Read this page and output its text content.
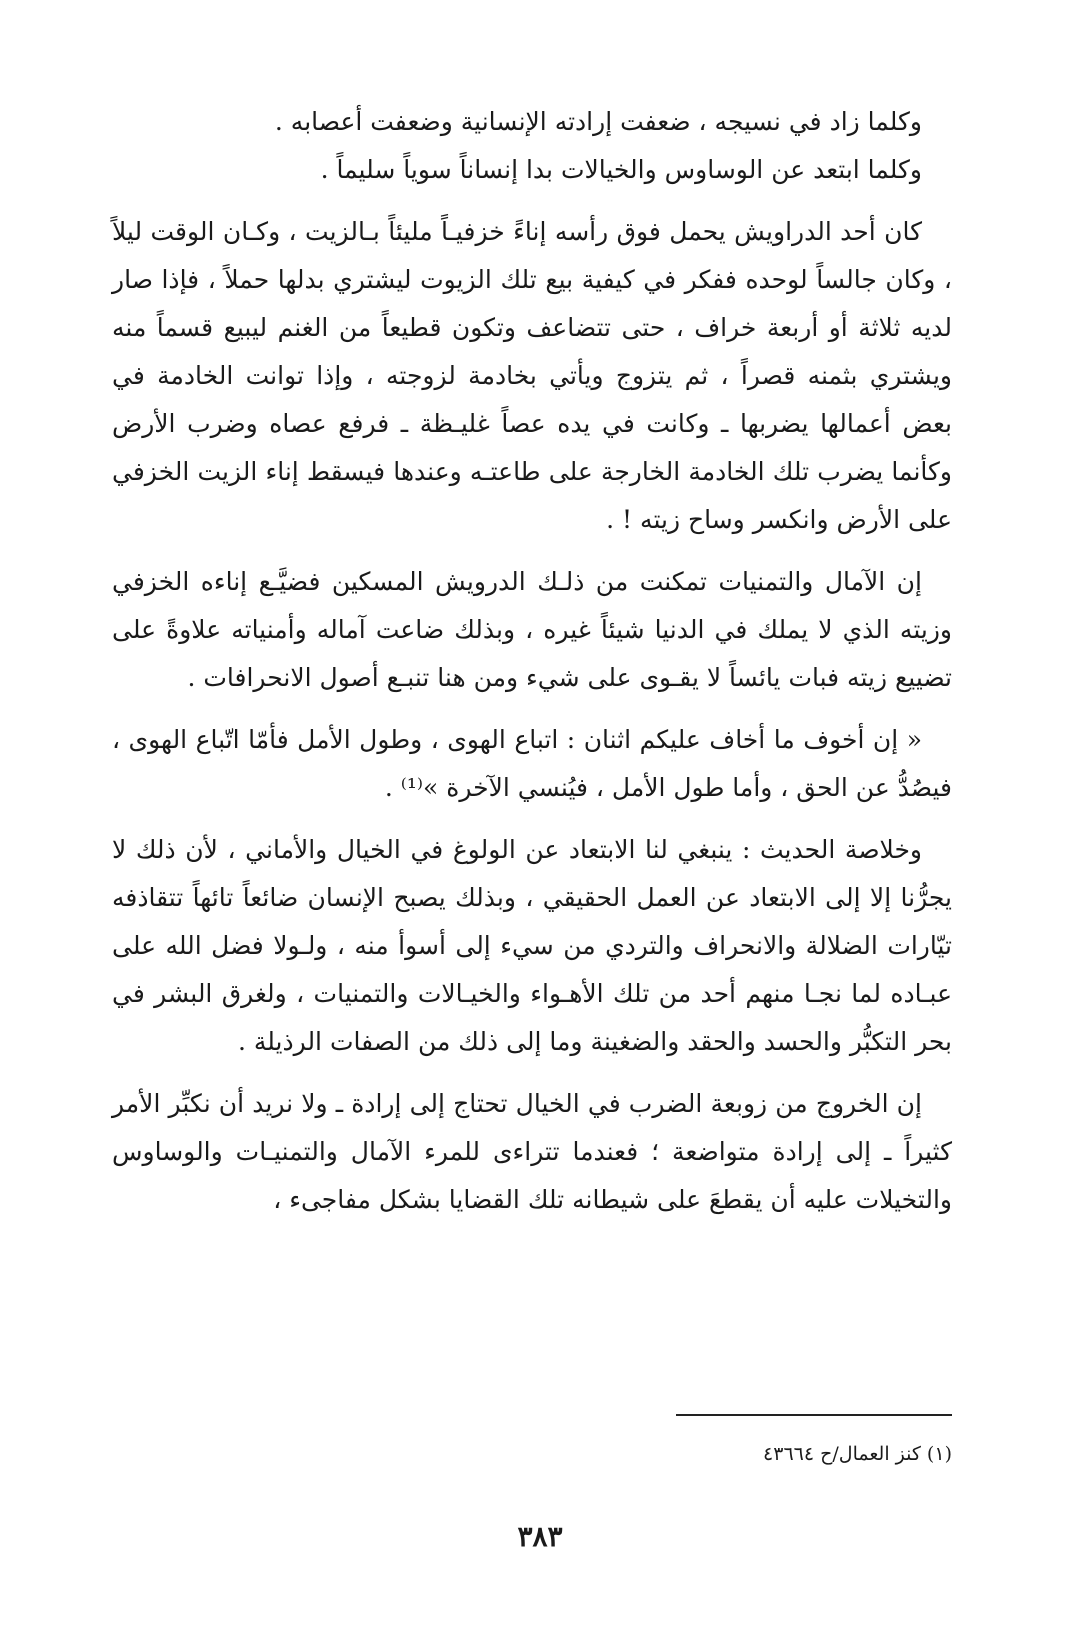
وكلما زاد في نسيجه ، ضعفت إرادته الإنسانية وضعفت أعصابه .

وكلما ابتعد عن الوساوس والخيالات بدا إنساناً سوياً سليماً .

كان أحد الدراويش يحمل فوق رأسه إناءً خزفيـاً مليئاً بـالزيت ، وكـان الوقت ليلاً ، وكان جالساً لوحده ففكر في كيفية بيع تلك الزيوت ليشتري بدلها حملاً ، فإذا صار لديه ثلاثة أو أربعة خراف ، حتى تتضاعف وتكون قطيعاً من الغنم ليبيع قسماً منه ويشتري بثمنه قصراً ، ثم يتزوج ويأتي بخادمة لزوجته ، وإذا توانت الخادمة في بعض أعمالها يضربها ـ وكانت في يده عصاً غليـظة ـ فرفع عصاه وضرب الأرض وكأنما يضرب تلك الخادمة الخارجة على طاعتـه وعندها فيسقط إناء الزيت الخزفي على الأرض وانكسر وساح زيته ! .

إن الآمال والتمنيات تمكنت من ذلـك الدرويش المسكين فضيَّـع إناءه الخزفي وزيته الذي لا يملك في الدنيا شيئاً غيره ، وبذلك ضاعت آماله وأمنياته علاوةً على تضييع زيته فبات يائساً لا يقـوى على شيء ومن هنا تنبـع أصول الانحرافات .

« إن أخوف ما أخاف عليكم اثنان : اتباع الهوى ، وطول الأمل فأمّا اتّباع الهوى ، فيصُدُّ عن الحق ، وأما طول الأمل ، فيُنسي الآخرة »⁽¹⁾ .

وخلاصة الحديث : ينبغي لنا الابتعاد عن الولوغ في الخيال والأماني ، لأن ذلك لا يجرُّنا إلا إلى الابتعاد عن العمل الحقيقي ، وبذلك يصبح الإنسان ضائعاً تائهاً تتقاذفه تيّارات الضلالة والانحراف والتردي من سيء إلى أسوأ منه ، ولـولا فضل الله على عبـاده لما نجـا منهم أحد من تلك الأهـواء والخيـالات والتمنيات ، ولغرق البشر في بحر التكبُّر والحسد والحقد والضغينة وما إلى ذلك من الصفات الرذيلة .

إن الخروج من زوبعة الضرب في الخيال تحتاج إلى إرادة ـ ولا نريد أن نكبِّر الأمر كثيراً ـ إلى إرادة متواضعة ؛ فعندما تتراءى للمرء الآمال والتمنيـات والوساوس والتخيلات عليه أن يقطعَ على شيطانه تلك القضايا بشكل مفاجىء ،

(١) كنز العمال/ح ٤٣٦٦٤
٣٨٣
